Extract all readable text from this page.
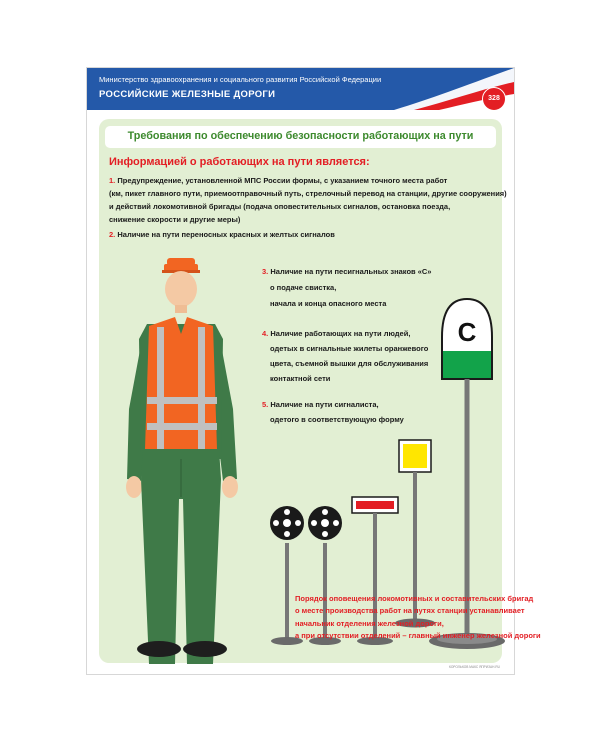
Министерство здравоохранения и социального развития Российской Федерации
РОССИЙСКИЕ ЖЕЛЕЗНЫЕ ДОРОГИ	328
Требования по обеспечению безопасности работающих на пути
Информацией о работающих на пути является:
С
1. Предупреждение, установленной МПС России формы, с указанием точного места работ
(км, пикет главного пути, приемоотправочный путь, стрелочный перевод на станции, другие сооружения)
и действий локомотивной бригады (подача оповестительных сигналов, остановка поезда,
снижение скорости и другие меры)
2. Наличие на пути переносных красных и желтых сигналов
3. Наличие на пути пеcигнальных знаков «С»
о подаче свистка,
начала и конца опасного места
4. Наличие работающих на пути людей,
одетых в сигнальные жилеты оранжевого
цвета, съемной вышки для обслуживания
контактной сети
5. Наличие на пути сигналиста,
одетого в соответствующую форму
Порядок оповещения локомотивных и составительских бригад
о месте производства работ на путях станции устанавливает
начальник отделения железной дороги,
а при отсутствии отделений – главный инженер железной дороги
КОРОЛЬКОВ МАКС ЯПРИЗАН.RU
